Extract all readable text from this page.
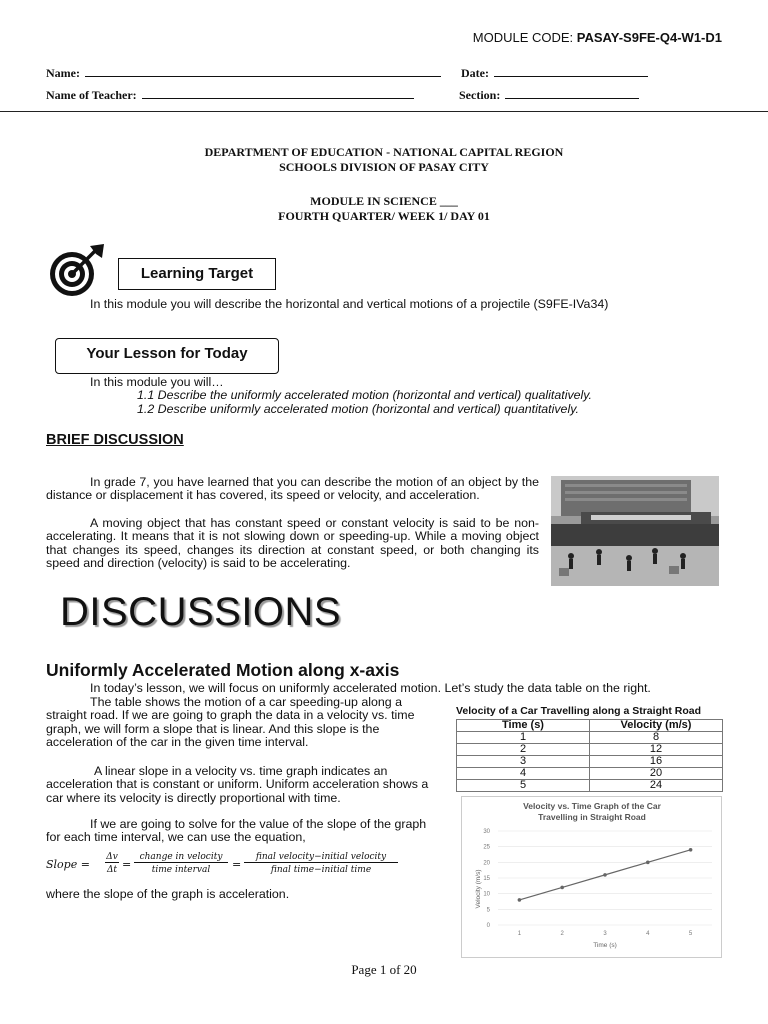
MODULE CODE: PASAY-S9FE-Q4-W1-D1
Name:	Date:
Name of Teacher:	Section:
DEPARTMENT OF EDUCATION - NATIONAL CAPITAL REGION
SCHOOLS DIVISION OF PASAY CITY
MODULE IN SCIENCE ___
FOURTH QUARTER/ WEEK 1/ DAY 01
Learning Target
In this module you will describe the horizontal and vertical motions of a projectile (S9FE-IVa34)
Your Lesson for Today
In this module you will…
1.1 Describe the uniformly accelerated motion (horizontal and vertical) qualitatively.
1.2 Describe uniformly accelerated motion (horizontal and vertical) quantitatively.
BRIEF DISCUSSION
In grade 7, you have learned that you can describe the motion of an object by the distance or displacement it has covered, its speed or velocity, and acceleration.
A moving object that has constant speed or constant velocity is said to be non-accelerating. It means that it is not slowing down or speeding-up. While a moving object that changes its speed, changes its direction at constant speed, or both changing its speed and direction (velocity) is said to be accelerating.
DISCUSSIONS
Uniformly Accelerated Motion along x-axis
In today’s lesson, we will focus on uniformly accelerated motion. Let’s study the data table on the right.
The table shows the motion of a car speeding-up along a straight road. If we are going to graph the data in a velocity vs. time graph, we will form a slope that is linear. And this slope is the acceleration of the car in the given time interval.
A linear slope in a velocity vs. time graph indicates an acceleration that is constant or uniform. Uniform acceleration shows a car where its velocity is directly proportional with time.
If we are going to solve for the value of the slope of the graph for each time interval, we can use the equation,
Slope =
Δv
Δt =
change in velocity
time interval	=
final velocity−initial velocity
final time−initial time
where the slope of the graph is acceleration.
Velocity of a Car Travelling along a Straight Road
Time (s)	Velocity (m/s)
1	8
2	12
3	16
4	20
5	24
Velocity vs. Time Graph of the Car
Travelling in Straight Road
Velocity (m/s)
Time (s)
0
5
10
15
20
25
30
1	2	3	4	5
Page 1 of 20
